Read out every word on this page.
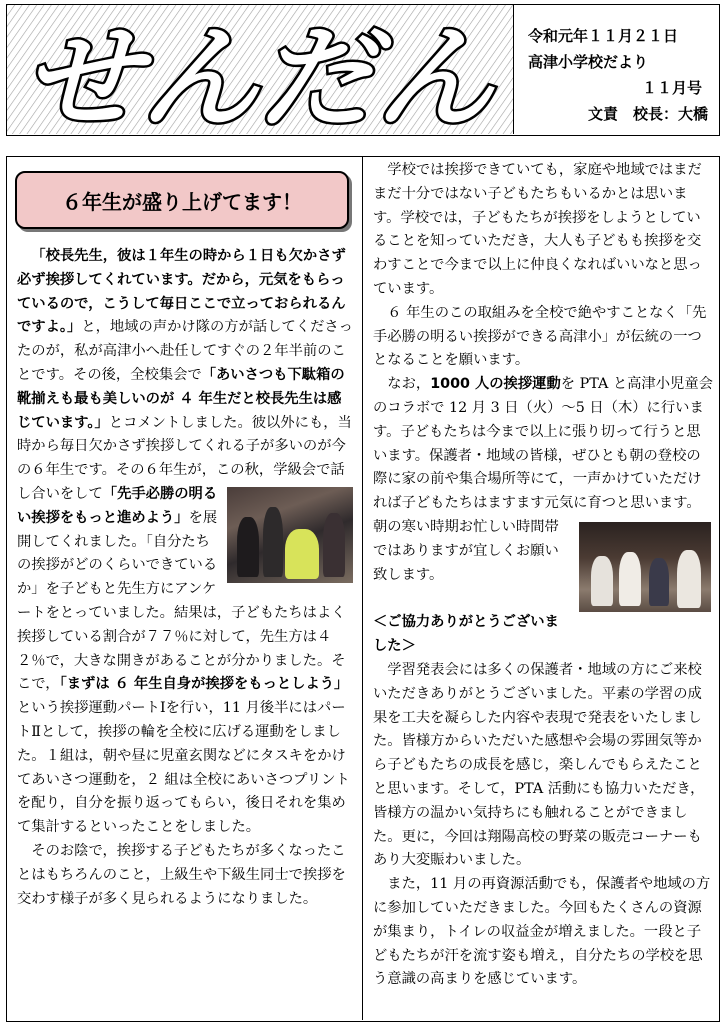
せんだん 令和元年１１月２１日
高津小学校だより
１１月号
文責　校長：大橋
６年生が盛り上げてます！

「校長先生，彼は１年生の時から１日も欠かさず必ず挨拶してくれています。だから，元気をもらっているので，こうして毎日ここで立っておられるんですよ。」と，地域の声かけ隊の方が話してくださったのが，私が高津小へ赴任してすぐの２年半前のことです。その後，全校集会で「あいさつも下駄箱の靴揃えも最も美しいのが ４ 年生だと校長先生は感じています。」とコメントしました。彼以外にも，当時から毎日欠かさず挨拶してくれる子が多いのが今の６年生です。その６年生が，この秋，学級会で話し合いをして
「先手必勝の明るい挨拶をもっと進めよう」を展開してくれました。「自分たちの挨拶がどのくらいできているか」を子どもと先生方にアンケートをとっていました。結果は，子どもたちはよく挨拶している割合が７７％に対して，先生方は４２％で，大きな開きがあることが分かりました。そこで，「まずは ６ 年生自身が挨拶をもっとしよう」という挨拶運動パートⅠを行い，11 月後半にはパートⅡとして，挨拶の輪を全校に広げる運動をしました。１組は，朝や昼に児童玄関などにタスキをかけてあいさつ運動を，２ 組は全校にあいさつプリントを配り，自分を振り返ってもらい，後日それを集めて集計するといったことをしました。

そのお陰で，挨拶する子どもたちが多くなったことはもちろんのこと，上級生や下級生同士で挨拶を交わす様子が多く見られるようになりました。

学校では挨拶できていても，家庭や地域ではまだまだ十分ではない子どもたちもいるかとは思います。学校では，子どもたちが挨拶をしようとしていることを知っていただき，大人も子どもも挨拶を交わすことで今まで以上に仲良くなればいいなと思っています。

６ 年生のこの取組みを全校で絶やすことなく「先手必勝の明るい挨拶ができる高津小」が伝統の一つとなることを願います。

なお，1000 人の挨拶運動を PTA と高津小児童会のコラボで 12 月 3 日（火）～5 日（木）に行います。子どもたちは今まで以上に張り切って行うと思います。保護者・地域の皆様，ぜひとも朝の登校の際に家の前や集合場所等にて，一声かけていただければ子どもたちはますます元気に育つと思います。

朝の寒い時期お忙しい時間帯ではありますが宜しくお願い致します。

＜ご協力ありがとうございました＞

学習発表会には多くの保護者・地域の方にご来校いただきありがとうございました。平素の学習の成果を工夫を凝らした内容や表現で発表をいたしました。皆様方からいただいた感想や会場の雰囲気等から子どもたちの成長を感じ，楽しんでもらえたことと思います。そして，PTA 活動にも協力いただき，皆様方の温かい気持ちにも触れることができました。更に，今回は翔陽高校の野菜の販売コーナーもあり大変賑わいました。

また，11 月の再資源活動でも，保護者や地域の方に参加していただきました。今回もたくさんの資源が集まり，トイレの収益金が増えました。一段と子どもたちが汗を流す姿も増え，自分たちの学校を思う意識の高まりを感じています。
